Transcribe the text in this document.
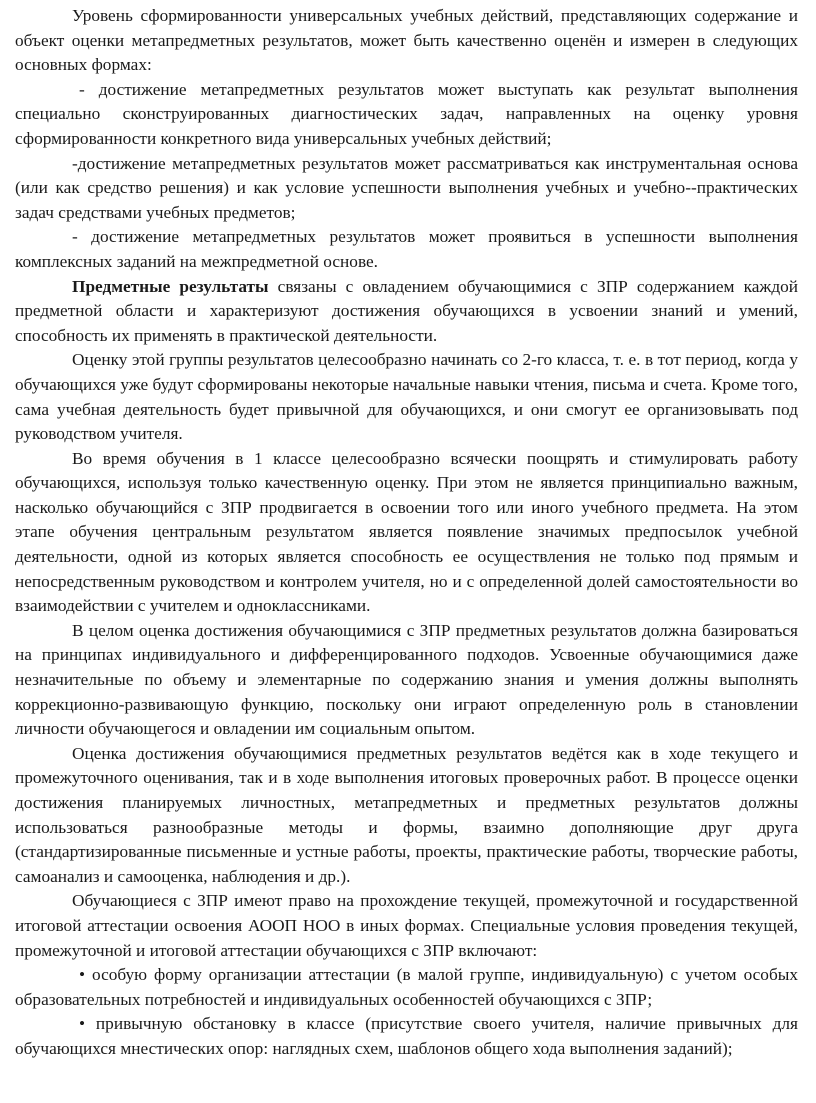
Уровень сформированности универсальных учебных действий, представляющих содержание и объект оценки метапредметных результатов, может быть качественно оценён и измерен в следующих основных формах:

- достижение метапредметных результатов может выступать как результат выполнения специально сконструированных диагностических задач, направленных на оценку уровня сформированности конкретного вида универсальных учебных действий;

-достижение метапредметных результатов может рассматриваться как инструментальная основа (или как средство решения) и как условие успешности выполнения учебных и учебно--практических задач средствами учебных предметов;

- достижение метапредметных результатов может проявиться в успешности выполнения комплексных заданий на межпредметной основе.

Предметные результаты связаны с овладением обучающимися с ЗПР содержанием каждой предметной области и характеризуют достижения обучающихся в усвоении знаний и умений, способность их применять в практической деятельности.

Оценку этой группы результатов целесообразно начинать со 2-го класса, т. е. в тот период, когда у обучающихся уже будут сформированы некоторые начальные навыки чтения, письма и счета. Кроме того, сама учебная деятельность будет привычной для обучающихся, и они смогут ее организовывать под руководством учителя.

Во время обучения в 1 классе целесообразно всячески поощрять и стимулировать работу обучающихся, используя только качественную оценку. При этом не является принципиально важным, насколько обучающийся с ЗПР продвигается в освоении того или иного учебного предмета. На этом этапе обучения центральным результатом является появление значимых предпосылок учебной деятельности, одной из которых является способность ее осуществления не только под прямым и непосредственным руководством и контролем учителя, но и с определенной долей самостоятельности во взаимодействии с учителем и одноклассниками.

В целом оценка достижения обучающимися с ЗПР предметных результатов должна базироваться на принципах индивидуального и дифференцированного подходов. Усвоенные обучающимися даже незначительные по объему и элементарные по содержанию знания и умения должны выполнять коррекционно-развивающую функцию, поскольку они играют определенную роль в становлении личности обучающегося и овладении им социальным опытом.

Оценка достижения обучающимися предметных результатов ведётся как в ходе текущего и промежуточного оценивания, так и в ходе выполнения итоговых проверочных работ. В процессе оценки достижения планируемых личностных, метапредметных и предметных результатов должны использоваться разнообразные методы и формы, взаимно дополняющие друг друга (стандартизированные письменные и устные работы, проекты, практические работы, творческие работы, самоанализ и самооценка, наблюдения и др.).

Обучающиеся с ЗПР имеют право на прохождение текущей, промежуточной и государственной итоговой аттестации освоения АООП НОО в иных формах. Специальные условия проведения текущей, промежуточной и итоговой аттестации обучающихся с ЗПР включают:

• особую форму организации аттестации (в малой группе, индивидуальную) с учетом особых образовательных потребностей и индивидуальных особенностей обучающихся с ЗПР;

• привычную обстановку в классе (присутствие своего учителя, наличие привычных для обучающихся мнестических опор: наглядных схем, шаблонов общего хода выполнения заданий);
